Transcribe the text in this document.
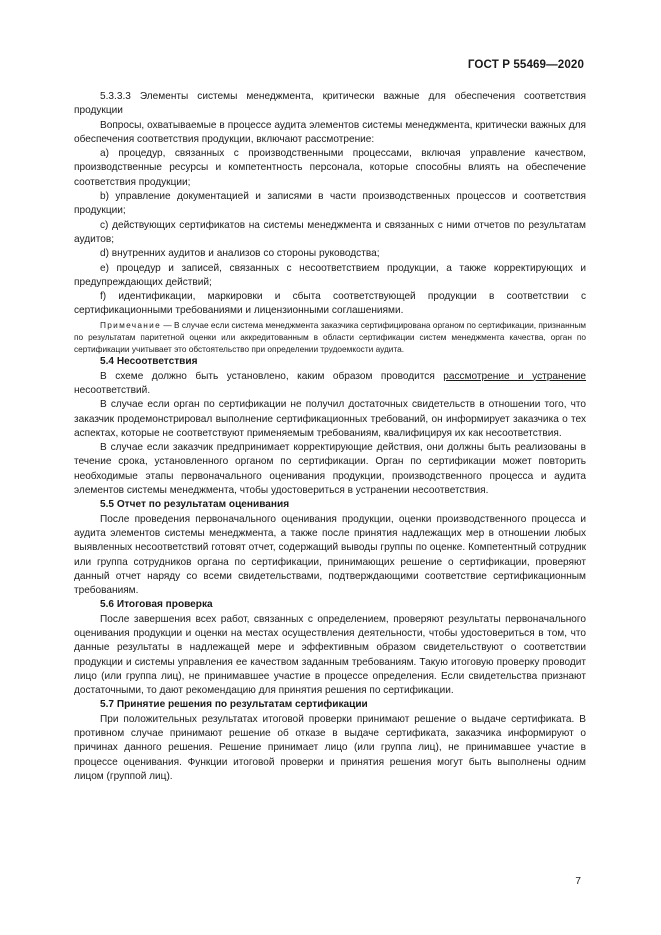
ГОСТ Р 55469—2020

5.3.3.3 Элементы системы менеджмента, критически важные для обеспечения соответствия продукции

Вопросы, охватываемые в процессе аудита элементов системы менеджмента, критически важных для обеспечения соответствия продукции, включают рассмотрение:

а) процедур, связанных с производственными процессами, включая управление качеством, производственные ресурсы и компетентность персонала, которые способны влиять на обеспечение соответствия продукции;

b) управление документацией и записями в части производственных процессов и соответствия продукции;

c) действующих сертификатов на системы менеджмента и связанных с ними отчетов по результатам аудитов;

d) внутренних аудитов и анализов со стороны руководства;

e) процедур и записей, связанных с несоответствием продукции, а также корректирующих и предупреждающих действий;

f) идентификации, маркировки и сбыта соответствующей продукции в соответствии с сертификационными требованиями и лицензионными соглашениями.

Примечание — В случае если система менеджмента заказчика сертифицирована органом по сертификации, признанным по результатам паритетной оценки или аккредитованным в области сертификации систем менеджмента качества, орган по сертификации учитывает это обстоятельство при определении трудоемкости аудита.

5.4 Несоответствия

В схеме должно быть установлено, каким образом проводится рассмотрение и устранение несоответствий.

В случае если орган по сертификации не получил достаточных свидетельств в отношении того, что заказчик продемонстрировал выполнение сертификационных требований, он информирует заказчика о тех аспектах, которые не соответствуют применяемым требованиям, квалифицируя их как несоответствия.

В случае если заказчик предпринимает корректирующие действия, они должны быть реализованы в течение срока, установленного органом по сертификации. Орган по сертификации может повторить необходимые этапы первоначального оценивания продукции, производственного процесса и аудита элементов системы менеджмента, чтобы удостовериться в устранении несоответствия.

5.5 Отчет по результатам оценивания

После проведения первоначального оценивания продукции, оценки производственного процесса и аудита элементов системы менеджмента, а также после принятия надлежащих мер в отношении любых выявленных несоответствий готовят отчет, содержащий выводы группы по оценке. Компетентный сотрудник или группа сотрудников органа по сертификации, принимающих решение о сертификации, проверяют данный отчет наряду со всеми свидетельствами, подтверждающими соответствие сертификационным требованиям.

5.6 Итоговая проверка

После завершения всех работ, связанных с определением, проверяют результаты первоначального оценивания продукции и оценки на местах осуществления деятельности, чтобы удостовериться в том, что данные результаты в надлежащей мере и эффективным образом свидетельствуют о соответствии продукции и системы управления ее качеством заданным требованиям. Такую итоговую проверку проводит лицо (или группа лиц), не принимавшее участие в процессе определения. Если свидетельства признают достаточными, то дают рекомендацию для принятия решения по сертификации.

5.7 Принятие решения по результатам сертификации

При положительных результатах итоговой проверки принимают решение о выдаче сертификата. В противном случае принимают решение об отказе в выдаче сертификата, заказчика информируют о причинах данного решения. Решение принимает лицо (или группа лиц), не принимавшее участие в процессе оценивания. Функции итоговой проверки и принятия решения могут быть выполнены одним лицом (группой лиц).

7
